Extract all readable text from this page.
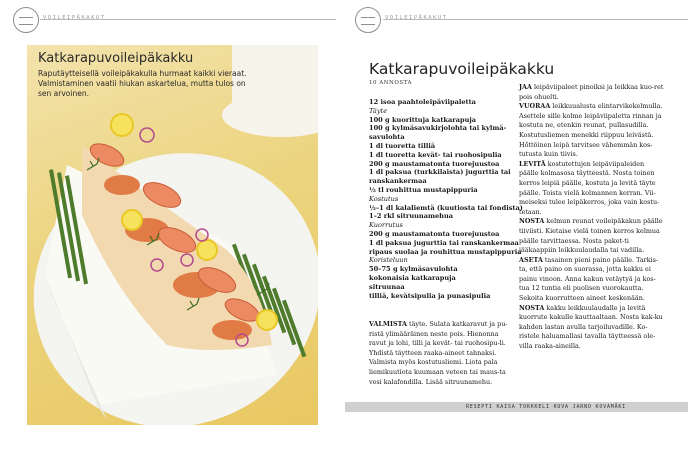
VOILEIPÄKAKUT	VOILEIPÄKAKUT
Katkarapuvoileipäkakku
Raputäytteisellä voileipäkakulla hurmaat kaikki vieraat. Valmistaminen vaatii hiukan askartelua, mutta tulos on sen arvoinen.
Katkarapuvoileipäkakku
10 ANNOSTA
12 isoa paahtoleipäviipaletta
Täyte
100 g kuorittuja katkarapuja
100 g kylmäsavukirjolohta tai kylmä-
savulohta
1 dl tuoretta tilliä
1 dl tuoretta kevät- tai ruohosipulia
200 g maustamatonta tuorejuustoa
1 dl paksua (turkkilaista) jugurttia tai
ranskankermaa
½ tl rouhittua mustapippuria
Kostutus
½–1 dl kalaliemtä (kuutiosta tai fondista)
1–2 rkl sitruunamehua
Kuorrutus
200 g maustamatonta tuorejuustoa
1 dl paksua jugurttia tai ranskankermaa
ripaus suolaa ja rouhittua mustapippuria
Koristeluun
50–75 g kylmäsavulohta
kokonaisia katkarapuja
sitruunaa
tilliä, kevätsipulia ja punasipulia

VALMISTA täyte. Sulata katkaravut ja pu-ristä ylimääräinen neste pois. Hienonna ravut ja lohi, tilli ja kevät- tai ruohosipu-li. Yhdistä täytteen raaka-aineet tahnaksi. Valmista myös kostutusliemi. Liota pala liemikuutiota kuumaan veteen tai maus-ta vesi kalafondilla. Lisää sitruunamehu.

JAA leipäviipaleet pinoiksi ja leikkaa kuo-ret pois ohuelti.

VUORAA leikkuualusta elintarvikekelmulla. Asettele sille kolme leipäviipaletta rinnan ja kostuta ne, etenkin reunat, pullasudilla. Kostutusliemen menekki riippuu leivästä. Hőttöinen leipä tarvitsee vähemmän kos-tutusta kuin tiivis.

LEVITÄ kostutettujen leipäviipaleiden päälle kolmasosa täytteestä. Nosta toinen kerros leipiä päälle, kostuta ja levitä täyte päälle. Toista vielä kolmannen kerran. Vii-meiseksi tulee leipäkerros, joka vain kostu-tetaan.

NOSTA kelmun reunat voileipäkakun päälle tiiviisti. Kietaise vielä toinen kerros kelmua päälle tarvittaessa. Nosta paket-ti jääkaappiin leikkuulaudalla tai vadilla.

ASETA tasainen pieni paino päälle. Tarkis-ta, että paino on suorassa, jotta kakku ei painu vinoon. Anna kakun vetäytyä ja kos-tua 12 tuntia eli puolisen vuorokautta. Sekoita kuorrutteen aineet keskenään.

NOSTA kakku leikkuulaudalle ja levitä kuorrute kakulle kauttaaltaan. Nosta kak-ku kahden lastan avulla tarjoiluvadille. Ko-ristele haluamallasi tavalla täytteessä ole-villa raaka-aineilla.

RESEPTI KAISA TORKKELI KUVA JARNO KOVAMÄKI
